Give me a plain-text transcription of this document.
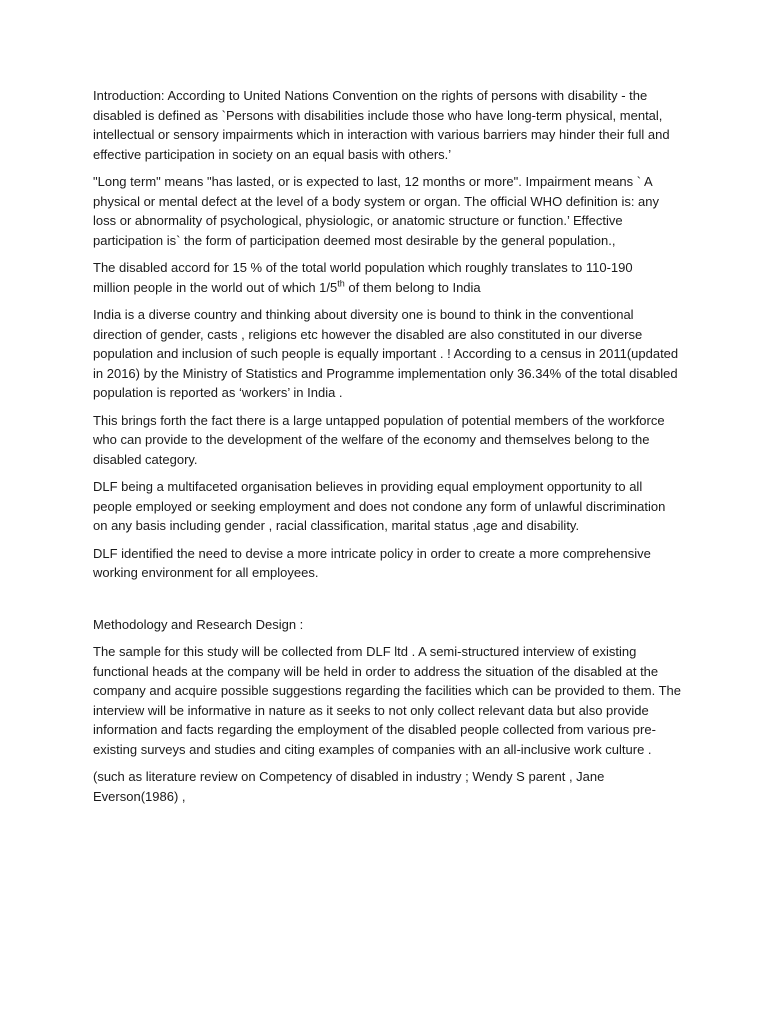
Introduction: According to United Nations Convention on the rights of persons with disability - the disabled is defined as `Persons with disabilities include those who have long-term physical, mental, intellectual or sensory impairments which in interaction with various barriers may hinder their full and effective participation in society on an equal basis with others.’

"Long term" means "has lasted, or is expected to last, 12 months or more". Impairment means ` A physical or mental defect at the level of a body system or organ. The official WHO definition is: any loss or abnormality of psychological, physiologic, or anatomic structure or function.’ Effective participation is` the form of participation deemed most desirable by the general population.,

The disabled accord for 15 % of the total world population which roughly translates to 110-190 million people in the world out of which 1/5th of them belong to India

India is a diverse country and thinking about diversity one is bound to think in the conventional direction of gender, casts , religions etc however the disabled are also constituted in our diverse population and inclusion of such people is equally important . ! According to a census in 2011(updated in 2016) by the Ministry of Statistics and Programme implementation only 36.34% of the total disabled population is reported as ‘workers’ in India .

This brings forth the fact there is a large untapped population of potential members of the workforce who can provide to the development of the welfare of the economy and themselves belong to the disabled category.

DLF being a multifaceted organisation believes in providing equal employment opportunity to all people employed or seeking employment and does not condone any form of unlawful discrimination on any basis including gender , racial classification, marital status ,age and disability.

DLF identified the need to devise a more intricate policy in order to create a more comprehensive working environment for all employees.

Methodology and Research Design :

The sample for this study will be collected from DLF ltd . A semi-structured interview of existing functional heads at the company will be held in order to address the situation of the disabled at the company and acquire possible suggestions regarding the facilities which can be provided to them. The interview will be informative in nature as it seeks to not only collect relevant data but also provide information and facts regarding the employment of the disabled people collected from various pre-existing surveys and studies and citing examples of companies with an all-inclusive work culture .

(such as literature review on Competency of disabled in industry ; Wendy S parent , Jane Everson(1986) ,
